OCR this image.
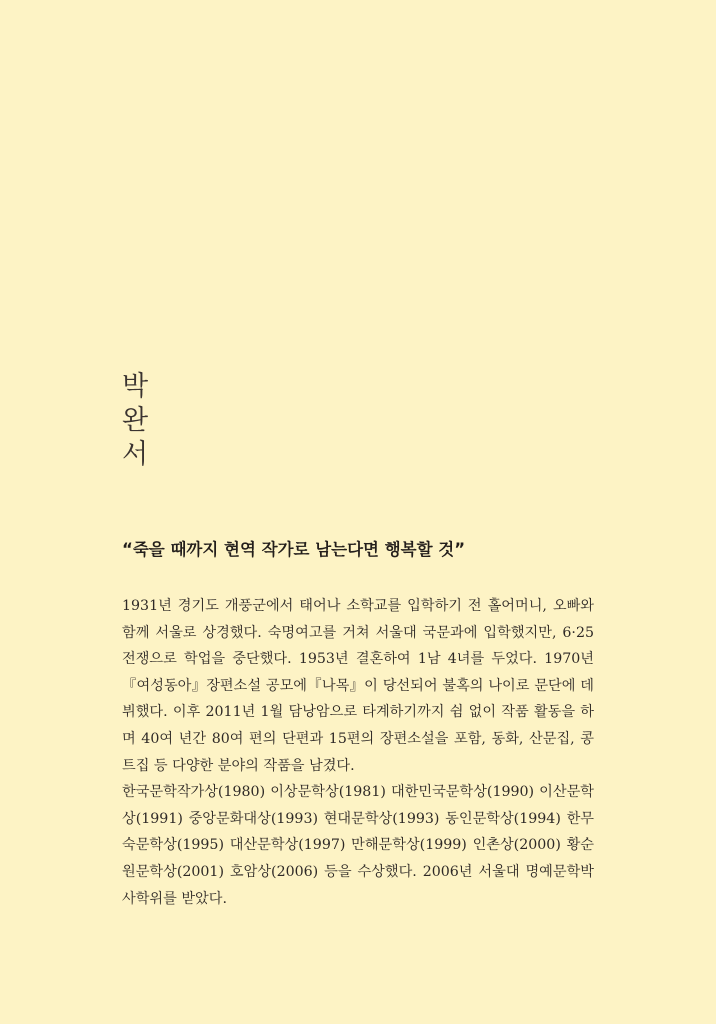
박
완
서
“죽을 때까지 현역 작가로 남는다면 행복할 것”

1931년 경기도 개풍군에서 태어나 소학교를 입학하기 전 홀어머니, 오빠와 함께 서울로 상경했다. 숙명여고를 거쳐 서울대 국문과에 입학했지만, 6·25전쟁으로 학업을 중단했다. 1953년 결혼하여 1남 4녀를 두었다. 1970년『여성동아』장편소설 공모에『나목』이 당선되어 불혹의 나이로 문단에 데뷔했다. 이후 2011년 1월 담낭암으로 타계하기까지 쉼 없이 작품 활동을 하며 40여 년간 80여 편의 단편과 15편의 장편소설을 포함, 동화, 산문집, 콩트집 등 다양한 분야의 작품을 남겼다.

한국문학작가상(1980) 이상문학상(1981) 대한민국문학상(1990) 이산문학상(1991) 중앙문화대상(1993) 현대문학상(1993) 동인문학상(1994) 한무숙문학상(1995) 대산문학상(1997) 만해문학상(1999) 인촌상(2000) 황순원문학상(2001) 호암상(2006) 등을 수상했다. 2006년 서울대 명예문학박사학위를 받았다.
